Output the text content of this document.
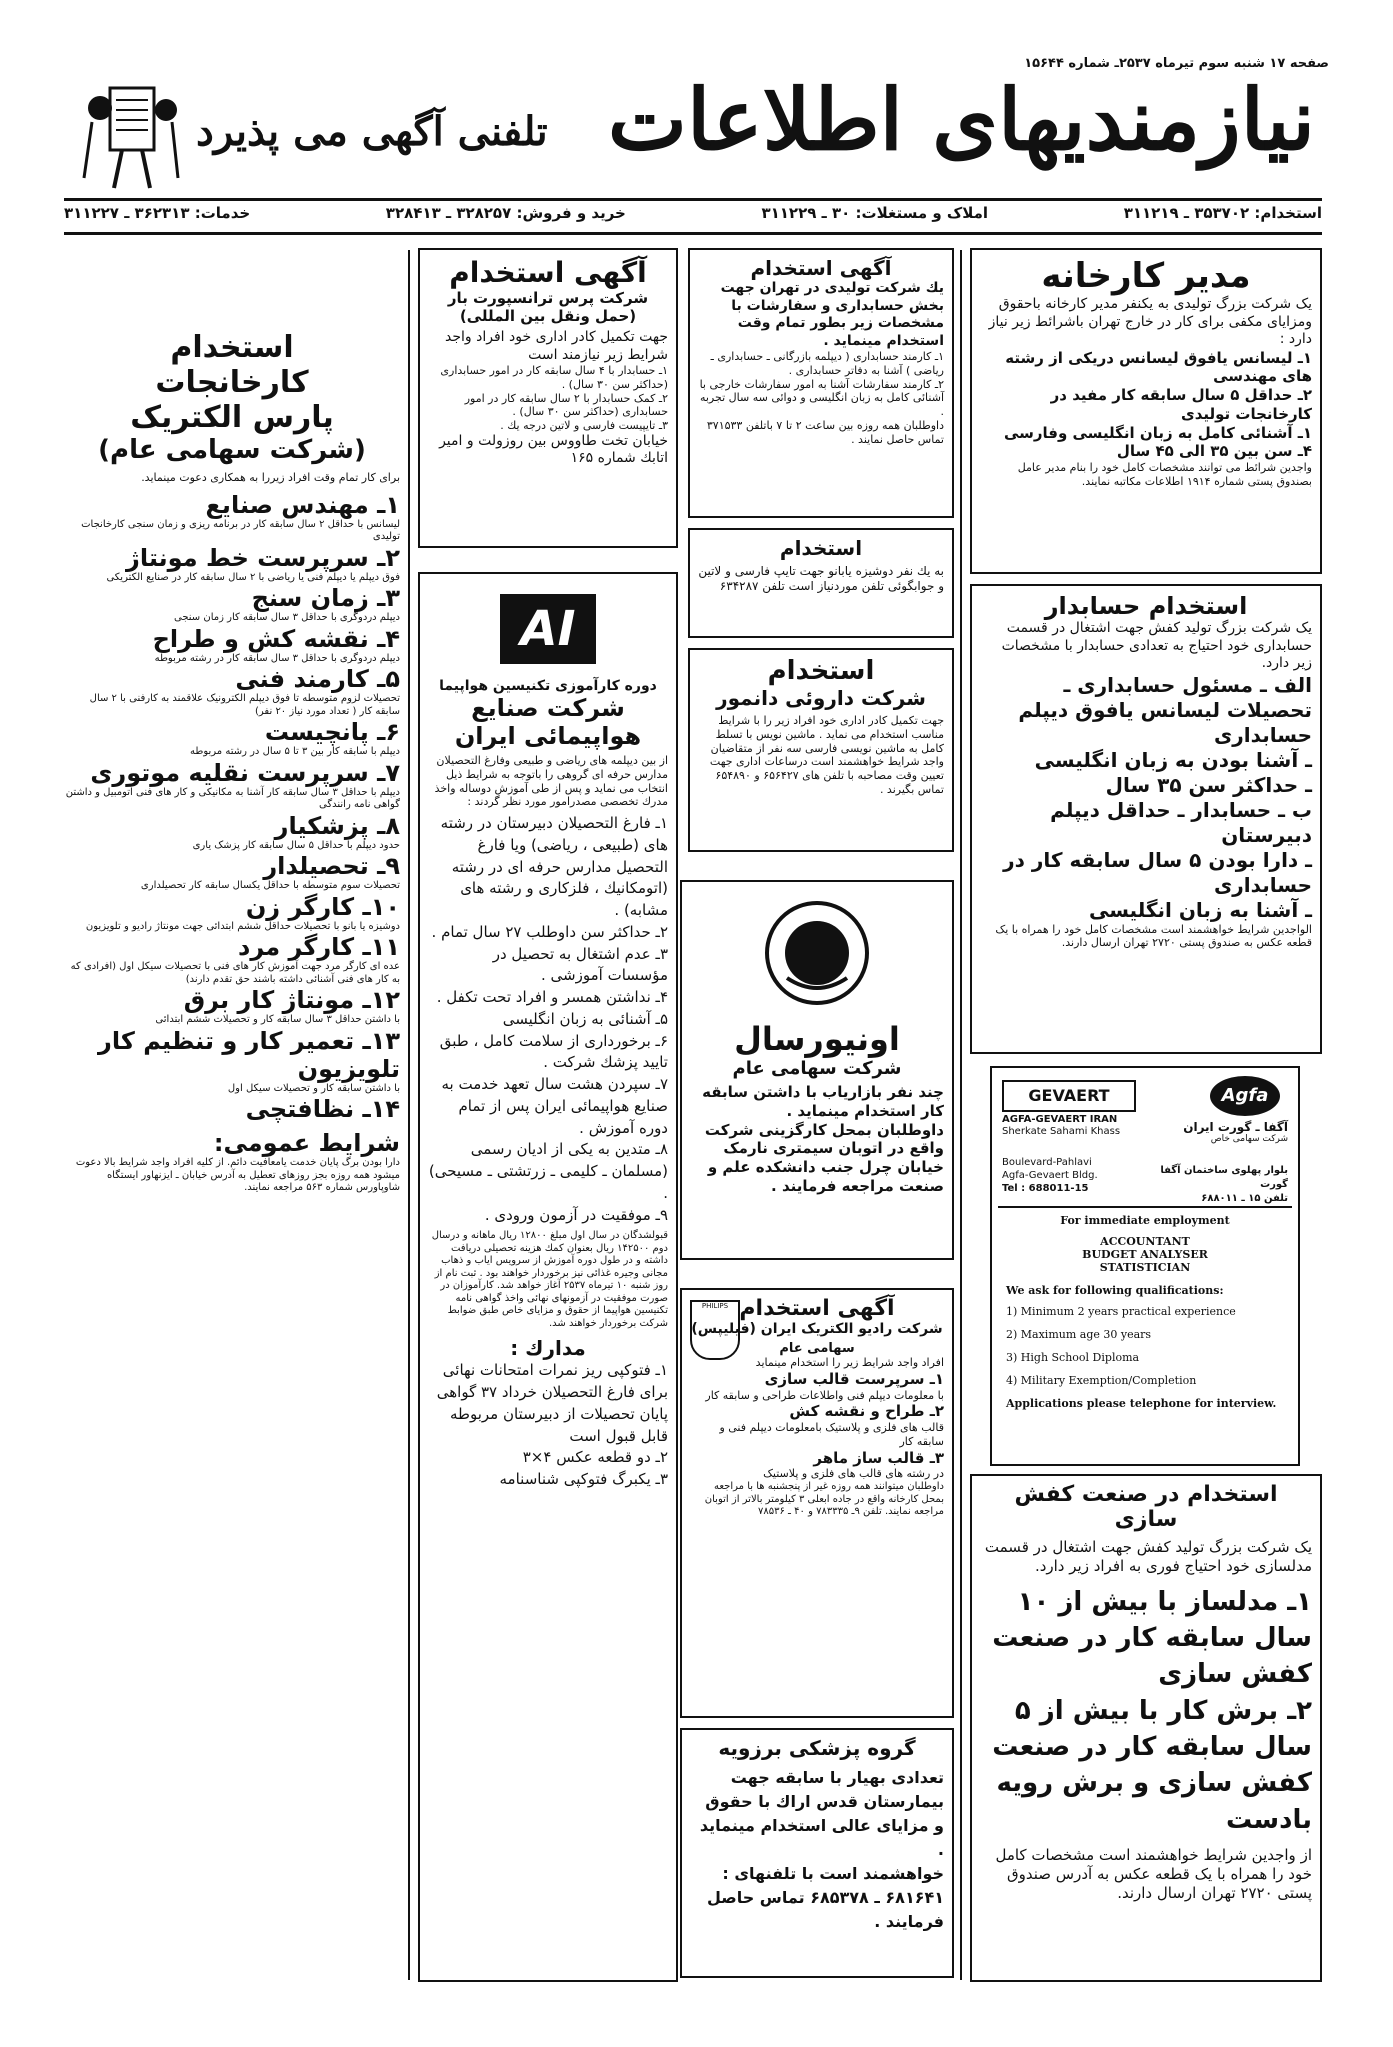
صفحه ۱۷ شنبه سوم تیرماه ۲۵۳۷ـ شماره ۱۵۶۴۴
تلفنی آگهی می پذیرد نیازمندیهای اطلاعات
استخدام: ۳۵۳۷۰۲ ـ ۳۱۱۲۱۹
املاک و مستغلات: ۳۰ ـ ۳۱۱۲۲۹
خرید و فروش: ۳۲۸۲۵۷ ـ ۳۲۸۴۱۳
خدمات: ۳۶۲۳۱۳ ـ ۳۱۱۲۲۷
مدیر کارخانه

یک شرکت بزرگ تولیدی به یکنفر مدیر کارخانه باحقوق ومزایای مکفی برای کار در خارج تهران باشرائط زیر نیاز دارد :

۱ـ لیسانس یافوق لیسانس دریکی از رشته های مهندسی

۲ـ حداقل ۵ سال سابقه کار مفید در کارخانجات تولیدی

۱ـ آشنائی کامل به زبان انگلیسی وفارسی

۴ـ سن بین ۳۵ الی ۴۵ سال

واجدین شرائط می توانند مشخصات کامل خود را بنام مدیر عامل بصندوق پستی شماره ۱۹۱۴ اطلاعات مکاتبه نمایند.

استخدام حسابدار

یک شرکت بزرگ تولید کفش جهت اشتغال در قسمت حسابداری خود احتیاج به تعدادی حسابدار با مشخصات زیر دارد.

الف ـ مسئول حسابداری ـ تحصیلات لیسانس یافوق دیپلم حسابداری

ـ آشنا بودن به زبان انگلیسی

ـ حداکثر سن ۳۵ سال

ب ـ حسابدار ـ حداقل دیپلم دبیرستان

ـ دارا بودن ۵ سال سابقه کار در حسابداری

ـ آشنا به زبان انگلیسی

الواجدین شرایط خواهشمند است مشخصات کامل خود را همراه با یک قطعه عکس به صندوق پستی ۲۷۲۰ تهران ارسال دارند.

GEVAERT	Agfa
AGFA-GEVAERT IRAN
Sherkate Sahami Khass	آگفا ـ گورت ایران
شرکت سهامی خاص
Boulevard-Pahlavi
Agfa-Gevaert Bldg.
Tel : 688011-15
بلوار پهلوی ساختمان آگفا گورت
تلفن ۱۵ ـ ۶۸۸۰۱۱
For immediate employment
ACCOUNTANT
BUDGET ANALYSER
STATISTICIAN
We ask for following qualifications:
1) Minimum 2 years practical experience
2) Maximum age 30 years
3) High School Diploma
4) Military Exemption/Completion
Applications please telephone for interview.
استخدام در صنعت کفش سازی

یک شرکت بزرگ تولید کفش جهت اشتغال در قسمت مدلسازی خود احتیاج فوری به افراد زیر دارد.

۱ـ مدلساز با بیش از ۱۰ سال سابقه کار در صنعت کفش سازی

۲ـ برش کار با بیش از ۵ سال سابقه کار در صنعت کفش سازی و برش رویه بادست

از واجدین شرایط خواهشمند است مشخصات کامل خود را همراه با یک قطعه عکس به آدرس صندوق پستی ۲۷۲۰ تهران ارسال دارند.

آگهی استخدام

یك شرکت تولیدی در تهران جهت بخش حسابداری و سفارشات با مشخصات زیر بطور تمام وقت استخدام مینماید .

۱ـ کارمند حسابداری ( دیپلمه بازرگانی ـ حسابداری ـ ریاضی ) آشنا به دفاتر حسابداری .

۲ـ کارمند سفارشات آشنا به امور سفارشات خارجی با آشنائی کامل به زبان انگلیسی و دوائی سه سال تجربه .

داوطلبان همه روزه بین ساعت ۲ تا ۷ باتلفن ۳۷۱۵۳۳ تماس حاصل نمایند .

استخدام

به یك نفر دوشیزه یابانو جهت تایپ فارسی و لاتین و جوابگوئی تلفن موردنیاز است تلفن ۶۳۴۲۸۷

استخدام
شرکت داروئی دانمور

جهت تکمیل کادر اداری خود افراد زیر را با شرایط مناسب استخدام می نماید . ماشین نویس با تسلط کامل به ماشین نویسی فارسی سه نفر از متقاضیان واجد شرایط خواهشمند است درساعات اداری جهت تعیین وقت مصاحبه با تلفن های ۶۵۶۴۲۷ و ۶۵۴۸۹۰ تماس بگیرند .

اونیورسال
شرکت سهامی عام

چند نفر بازاریاب با داشتن سابقه کار استخدام مینماید .

داوطلبان بمحل کارگزینی شرکت واقع در اتوبان سیمتری نارمک خیابان چرل جنب دانشکده علم و صنعت مراجعه فرمایند .

PHILIPS آگهی استخدام
شرکت رادیو الکتریک ایران (فیلیپس)
سهامی عام

افراد واجد شرایط زیر را استخدام مینماید

۱ـ سرپرست قالب سازی

با معلومات دیپلم فنی واطلاعات طراحی و سابقه کار

۲ـ طراح و نقشه کش

قالب های فلزی و پلاستیک بامعلومات دیپلم فنی و سابقه کار

۳ـ قالب ساز ماهر

در رشته های قالب های فلزی و پلاستیک

داوطلبان میتوانند همه روزه غیر از پنجشنبه ها با مراجعه بمحل کارخانه واقع در جاده ابعلی ۳ کیلومتر بالاتر از اتوبان مراجعه نمایند. تلفن ۹ـ ۷۸۳۳۳۵ و ۴۰ ـ ۷۸۵۳۶

گروه پزشکی برزویه

تعدادی بهیار با سابقه جهت بیمارستان قدس اراك با حقوق و مزایای عالی استخدام مینماید .

خواهشمند است با تلفنهای : ۶۸۱۶۴۱ ـ ۶۸۵۳۷۸ تماس حاصل فرمایند .

آگهی استخدام
شرکت پرس ترانسپورت بار (حمل ونقل بین المللی)

جهت تکمیل کادر اداری خود افراد واجد شرایط زیر نیازمند است

۱ـ حسابدار با ۴ سال سابقه کار در امور حسابداری (حداکثر سن ۳۰ سال) .

۲ـ کمک حسابدار با ۲ سال سابقه کار در امور حسابداری (حداکثر سن ۳۰ سال) .

۳ـ تایپیست فارسی و لاتین درجه یك .

خیابان تخت طاووس بین روزولت و امیر اتابك شماره ۱۶۵

AI
دوره کارآموزی تکنیسین هواپیما
شرکت صنایع هواپیمائی ایران

از بین دیپلمه های ریاضی و طبیعی وفارغ التحصیلان مدارس حرفه ای گروهی را باتوجه به شرایط ذیل انتخاب می نماید و پس از طی آموزش دوساله واخذ مدرك تخصصی مصدرامور مورد نظر گردند :

۱ـ فارغ التحصیلان دبیرستان در رشته های (طبیعی ، ریاضی) ویا فارغ التحصیل مدارس حرفه ای در رشته (اتومکانیك ، فلزکاری و رشته های مشابه) .

۲ـ حداکثر سن داوطلب ۲۷ سال تمام .

۳ـ عدم اشتغال به تحصیل در مؤسسات آموزشی .

۴ـ نداشتن همسر و افراد تحت تکفل .

۵ـ آشنائی به زبان انگلیسی

۶ـ برخورداری از سلامت کامل ، طبق تایید پزشك شرکت .

۷ـ سپردن هشت سال تعهد خدمت به صنایع هواپیمائی ایران پس از تمام دوره آموزش .

۸ـ متدین به یکی از ادیان رسمی (مسلمان ـ کلیمی ـ زرتشتی ـ مسیحی) .

۹ـ موفقیت در آزمون ورودی .

قبولشدگان در سال اول مبلغ ۱۲۸۰۰ ریال ماهانه و درسال دوم ۱۴۲۵۰۰ ریال بعنوان کمك هزینه تحصیلی دریافت داشته و در طول دوره آموزش از سرویس ایاب و ذهاب مجانی وجیره غذائی نیز برخوردار خواهند بود . ثبت نام از روز شنبه ۱۰ تیرماه ۲۵۳۷ آغاز خواهد شد. کارآموزان در صورت موفقیت در آزمونهای نهائی واخذ گواهی نامه تکنیسین هواپیما از حقوق و مزایای خاص طبق ضوابط شرکت برخوردار خواهند شد.

مدارك :

۱ـ فتوکپی ریز نمرات امتحانات نهائی برای فارغ التحصیلان خرداد ۳۷ گواهی پایان تحصیلات از دبیرستان مربوطه قابل قبول است

۲ـ دو قطعه عکس ۴×۳

۳ـ یکبرگ فتوکپی شناسنامه

استخدام
کارخانجات
پارس الکتریک
(شرکت سهامی عام)

برای کار تمام وقت افراد زیررا به همکاری دعوت مینماید.

۱ـ مهندس صنایع

لیسانس با حداقل ۲ سال سابقه کار در برنامه ریزی و زمان سنجی کارخانجات تولیدی

۲ـ سرپرست خط مونتاژ

فوق دیپلم یا دیپلم فنی یا ریاضی با ۲ سال سابقه کار در صنایع الکتریکی

۳ـ زمان سنج

دیپلم دردوگری با حداقل ۳ سال سابقه کار زمان سنجی

۴ـ نقشه کش و طراح

دیپلم دردوگری با حداقل ۳ سال سابقه کار در رشته مربوطه

۵ـ کارمند فنی

تحصیلات لزوم متوسطه تا فوق دیپلم الکترونیک علاقمند به کارفنی با ۲ سال سابقه کار ( تعداد مورد نیاز ۲۰ نفر)

۶ـ پانچیست

دیپلم با سابقه کار بین ۳ تا ۵ سال در رشته مربوطه

۷ـ سرپرست نقلیه موتوری

دیپلم با حداقل ۳ سال سابقه کار آشنا به مکانیکی و کار های فنی اتومبیل و داشتن گواهی نامه رانندگی

۸ـ پزشکیار

حدود دیپلم با حداقل ۵ سال سابقه کار پزشک یاری

۹ـ تحصیلدار

تحصیلات سوم متوسطه با حداقل یکسال سابقه کار تحصیلداری

۱۰ـ کارگر زن

دوشیزه یا بانو با تحصیلات حداقل ششم ابتدائی جهت مونتاژ رادیو و تلویزیون

۱۱ـ کارگر مرد

عده ای کارگر مرد جهت آموزش کار های فنی با تحصیلات سیکل اول (افرادی که به کار های فنی آشنائی داشته باشند حق تقدم دارند)

۱۲ـ مونتاژ کار برق

با داشتن حداقل ۳ سال سابقه کار و تحصیلات ششم ابتدائی

۱۳ـ تعمیر کار و تنظیم کار تلویزیون

با داشتن سابقه کار و تحصیلات سیکل اول

۱۴ـ نظافتچی
شرایط عمومی:

دارا بودن برگ پایان خدمت یامعافیت دائم. از کلیه افراد واجد شرایط بالا دعوت میشود همه روزه بجز روزهای تعطیل به آدرس خیابان ـ ایزنهاور ایستگاه شاوپاورس شماره ۵۶۳ مراجعه نمایند.
